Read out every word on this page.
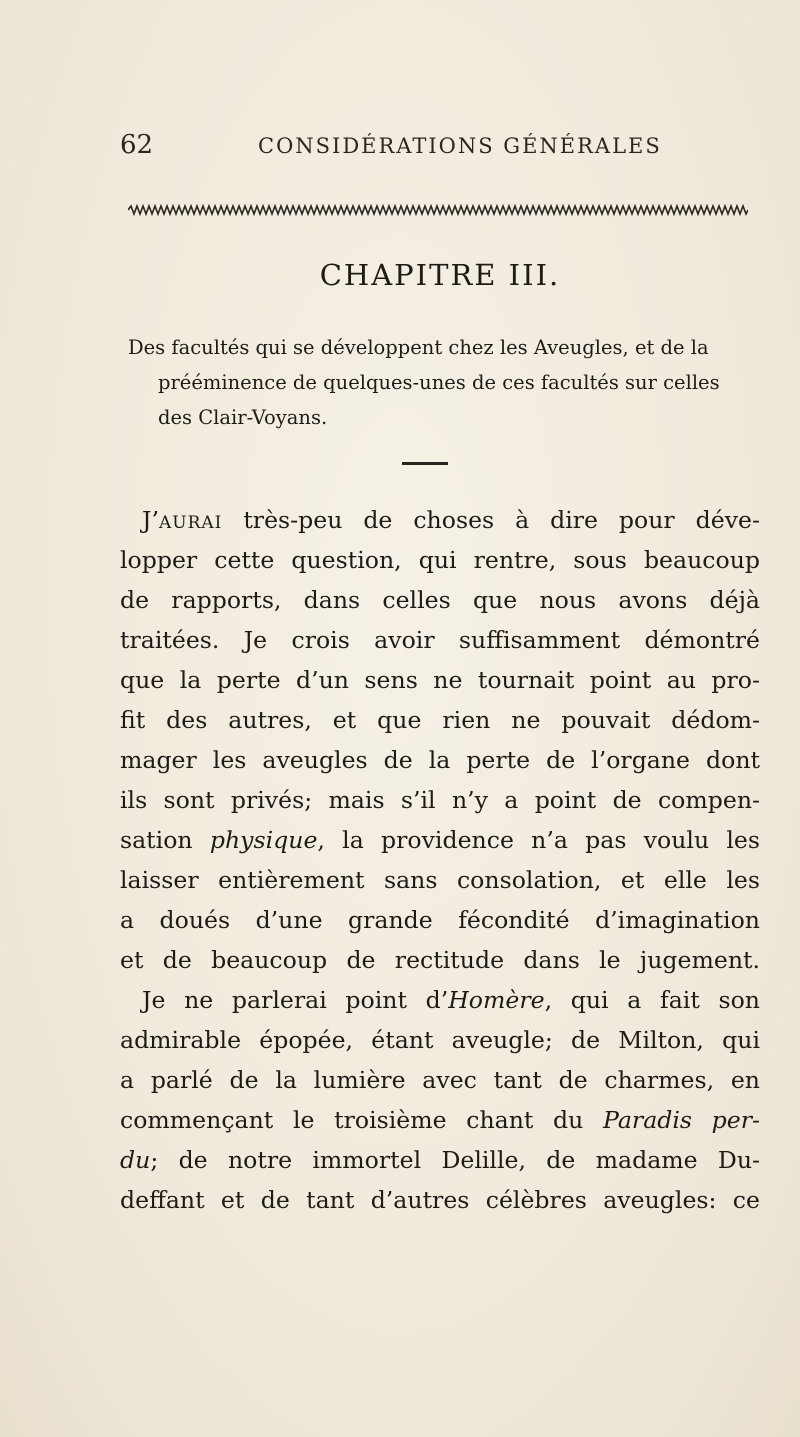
62	CONSIDÉRATIONS GÉNÉRALES
CHAPITRE III.
Des facultés qui se développent chez les Aveugles, et de la
prééminence de quelques-unes de ces facultés sur celles
des Clair-Voyans.
J’aurai très-peu de choses à dire pour déve-
lopper cette question, qui rentre, sous beaucoup
de rapports, dans celles que nous avons déjà
traitées. Je crois avoir suffisamment démontré
que la perte d’un sens ne tournait point au pro-
fit des autres, et que rien ne pouvait dédom-
mager les aveugles de la perte de l’organe dont
ils sont privés; mais s’il n’y a point de compen-
sation physique, la providence n’a pas voulu les
laisser entièrement sans consolation, et elle les
a doués d’une grande fécondité d’imagination
et de beaucoup de rectitude dans le jugement.
Je ne parlerai point d’Homère, qui a fait son
admirable épopée, étant aveugle; de Milton, qui
a parlé de la lumière avec tant de charmes, en
commençant le troisième chant du Paradis per-
du; de notre immortel Delille, de madame Du-
deffant et de tant d’autres célèbres aveugles: ce
